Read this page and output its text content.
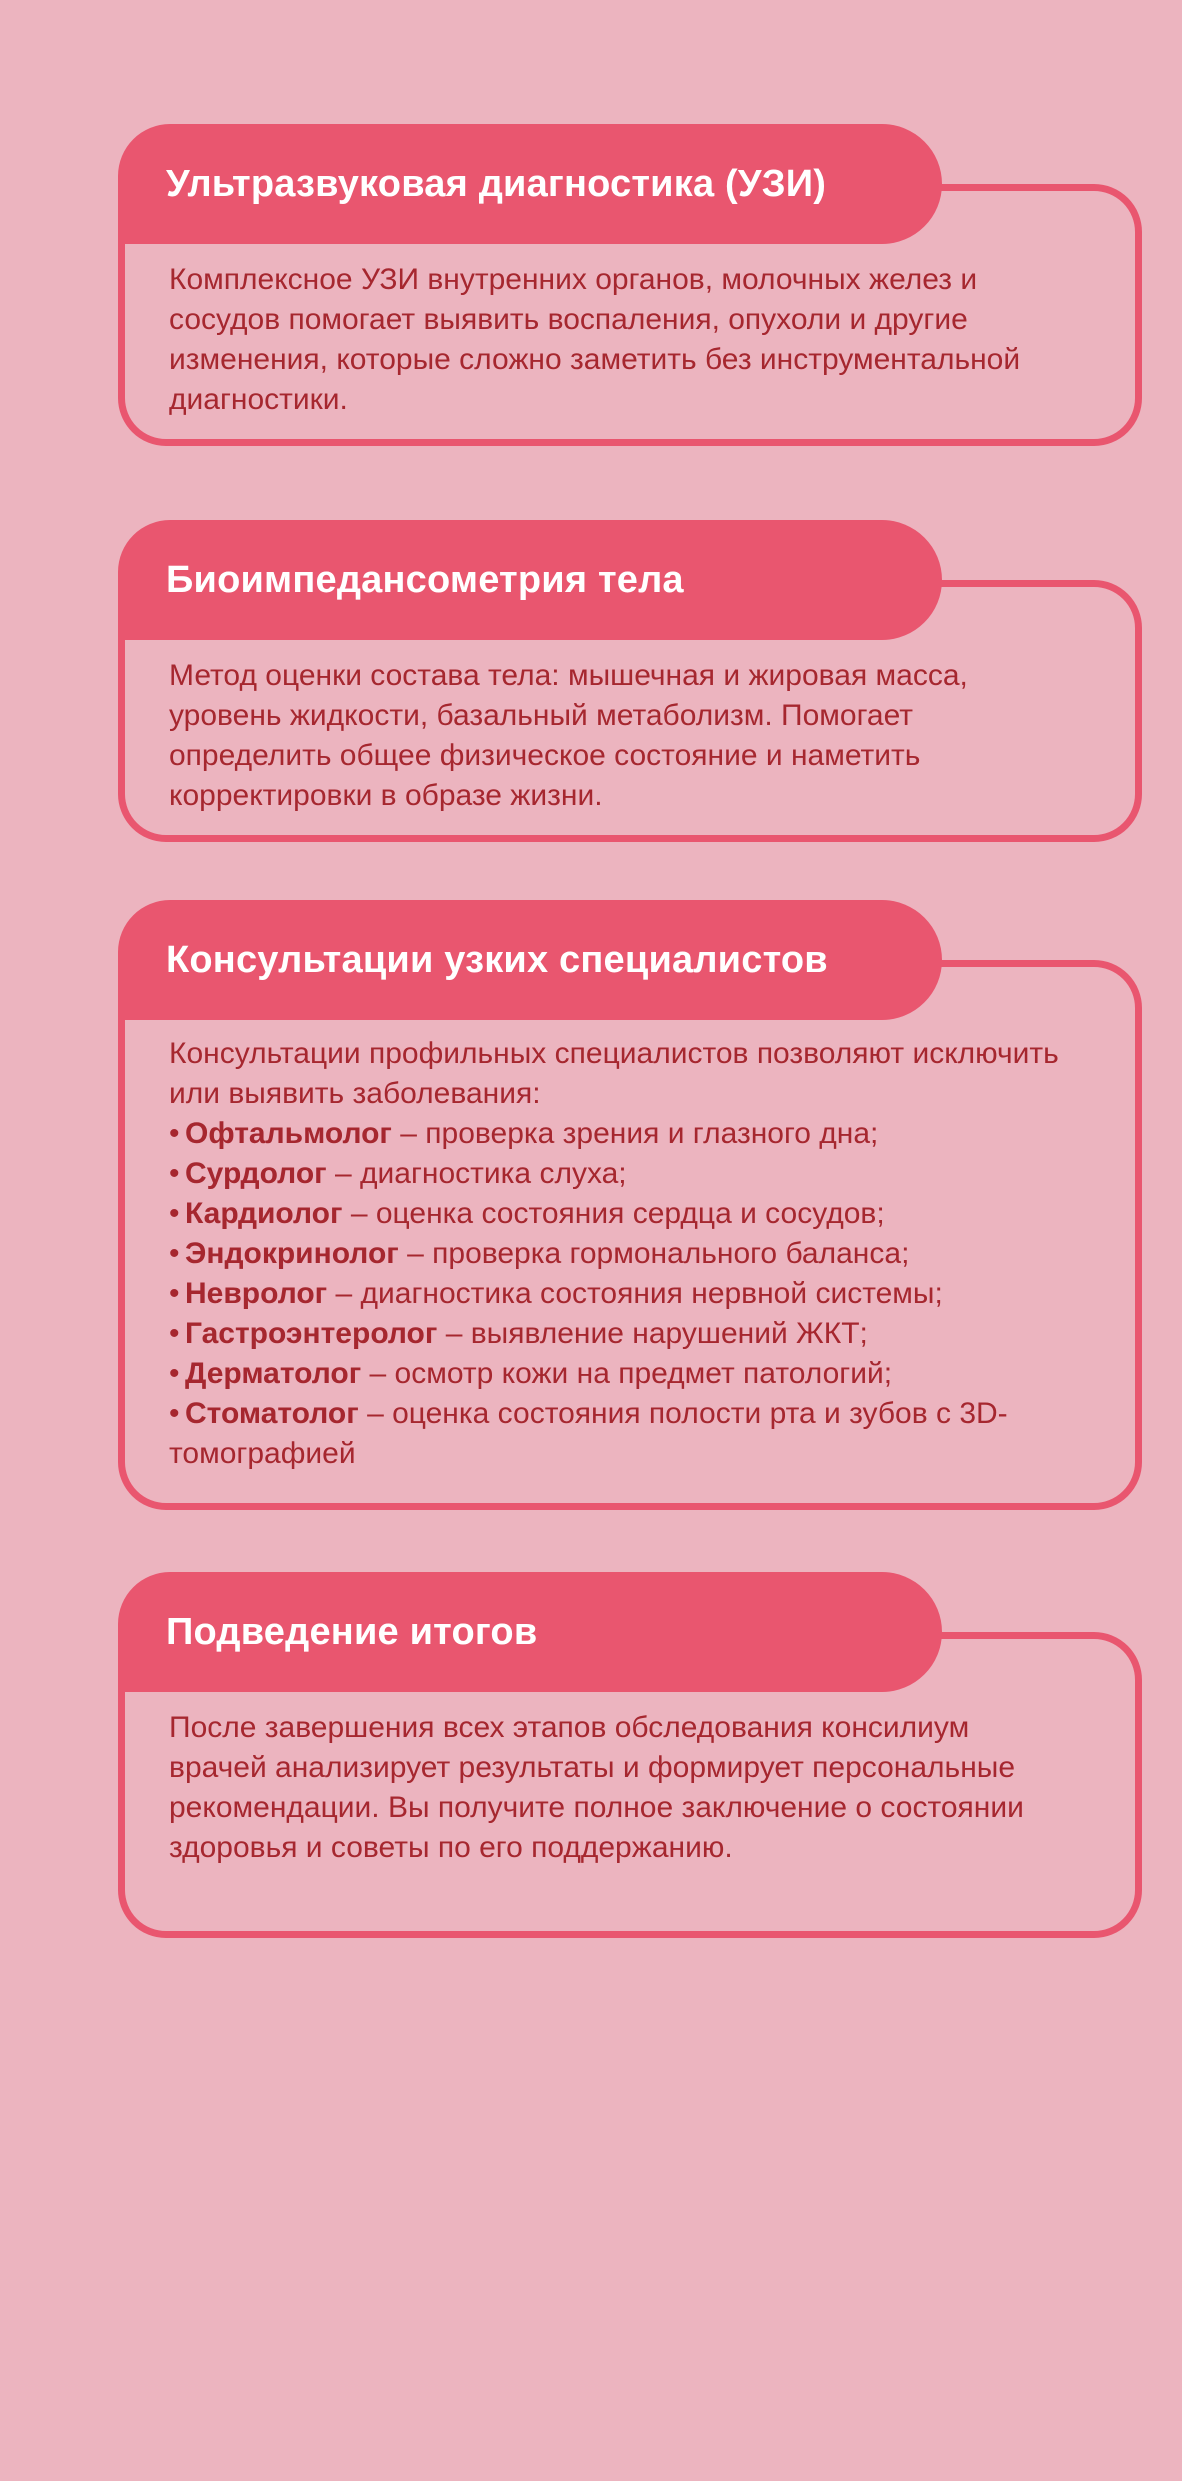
Ультразвуковая диагностика (УЗИ)

Комплексное УЗИ внутренних органов, молочных желез и сосудов помогает выявить воспаления, опухоли и другие изменения, которые сложно заметить без инструментальной диагностики.

Биоимпедансометрия тела

Метод оценки состава тела: мышечная и жировая масса, уровень жидкости, базальный метаболизм. Помогает определить общее физическое состояние и наметить корректировки в образе жизни.

Консультации узких специалистов

Консультации профильных специалистов позволяют исключить или выявить заболевания:

• Офтальмолог – проверка зрения и глазного дна;
• Сурдолог – диагностика слуха;
• Кардиолог – оценка состояния сердца и сосудов;
• Эндокринолог – проверка гормонального баланса;
• Невролог – диагностика состояния нервной системы;
• Гастроэнтеролог – выявление нарушений ЖКТ;
• Дерматолог – осмотр кожи на предмет патологий;
• Стоматолог – оценка состояния полости рта и зубов с 3D-томографией
Подведение итогов

После завершения всех этапов обследования консилиум врачей анализирует результаты и формирует персональные рекомендации. Вы получите полное заключение о состоянии здоровья и советы по его поддержанию.
